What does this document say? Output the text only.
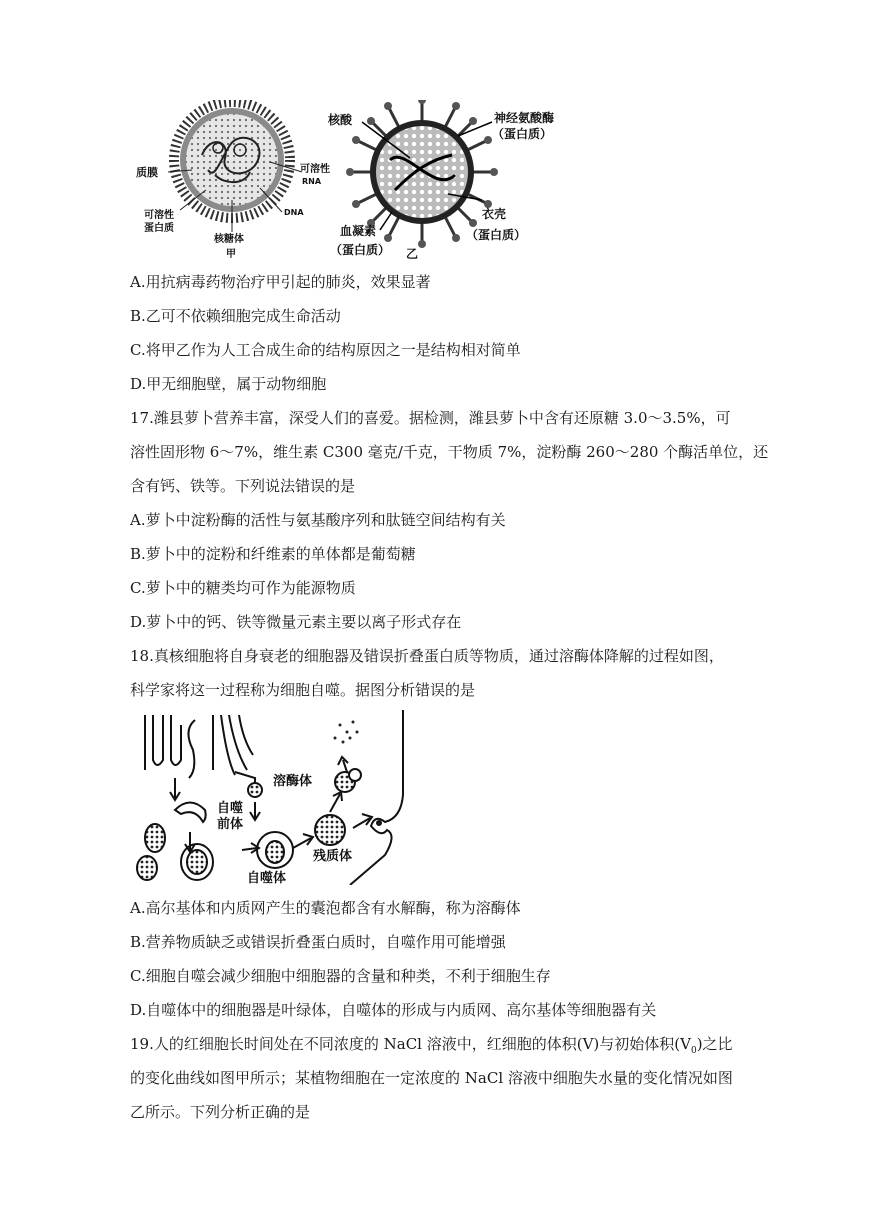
质膜	可溶性
RNA
DNA
可溶性
蛋白质
核糖体
甲
核酸	神经氨酸酶
（蛋白质）
衣壳
（蛋白质）
血凝素
（蛋白质） 乙
A.用抗病毒药物治疗甲引起的肺炎，效果显著
B.乙可不依赖细胞完成生命活动
C.将甲乙作为人工合成生命的结构原因之一是结构相对简单
D.甲无细胞壁，属于动物细胞
17.潍县萝卜营养丰富，深受人们的喜爱。据检测，潍县萝卜中含有还原糖 3.0～3.5%，可
溶性固形物 6～7%，维生素 C300 毫克/千克，干物质 7%，淀粉酶 260～280 个酶活单位，还
含有钙、铁等。下列说法错误的是
A.萝卜中淀粉酶的活性与氨基酸序列和肽链空间结构有关
B.萝卜中的淀粉和纤维素的单体都是葡萄糖
C.萝卜中的糖类均可作为能源物质
D.萝卜中的钙、铁等微量元素主要以离子形式存在
18.真核细胞将自身衰老的细胞器及错误折叠蛋白质等物质，通过溶酶体降解的过程如图，
科学家将这一过程称为细胞自噬。据图分析错误的是
溶酶体
自噬
前体
自噬体
残质体
A.高尔基体和内质网产生的囊泡都含有水解酶，称为溶酶体
B.营养物质缺乏或错误折叠蛋白质时，自噬作用可能增强
C.细胞自噬会减少细胞中细胞器的含量和种类，不利于细胞生存
D.自噬体中的细胞器是叶绿体，自噬体的形成与内质网、高尔基体等细胞器有关
19.人的红细胞长时间处在不同浓度的 NaCl 溶液中，红细胞的体积(V)与初始体积$(V_0)$之比
的变化曲线如图甲所示；某植物细胞在一定浓度的 NaCl 溶液中细胞失水量的变化情况如图
乙所示。下列分析正确的是
